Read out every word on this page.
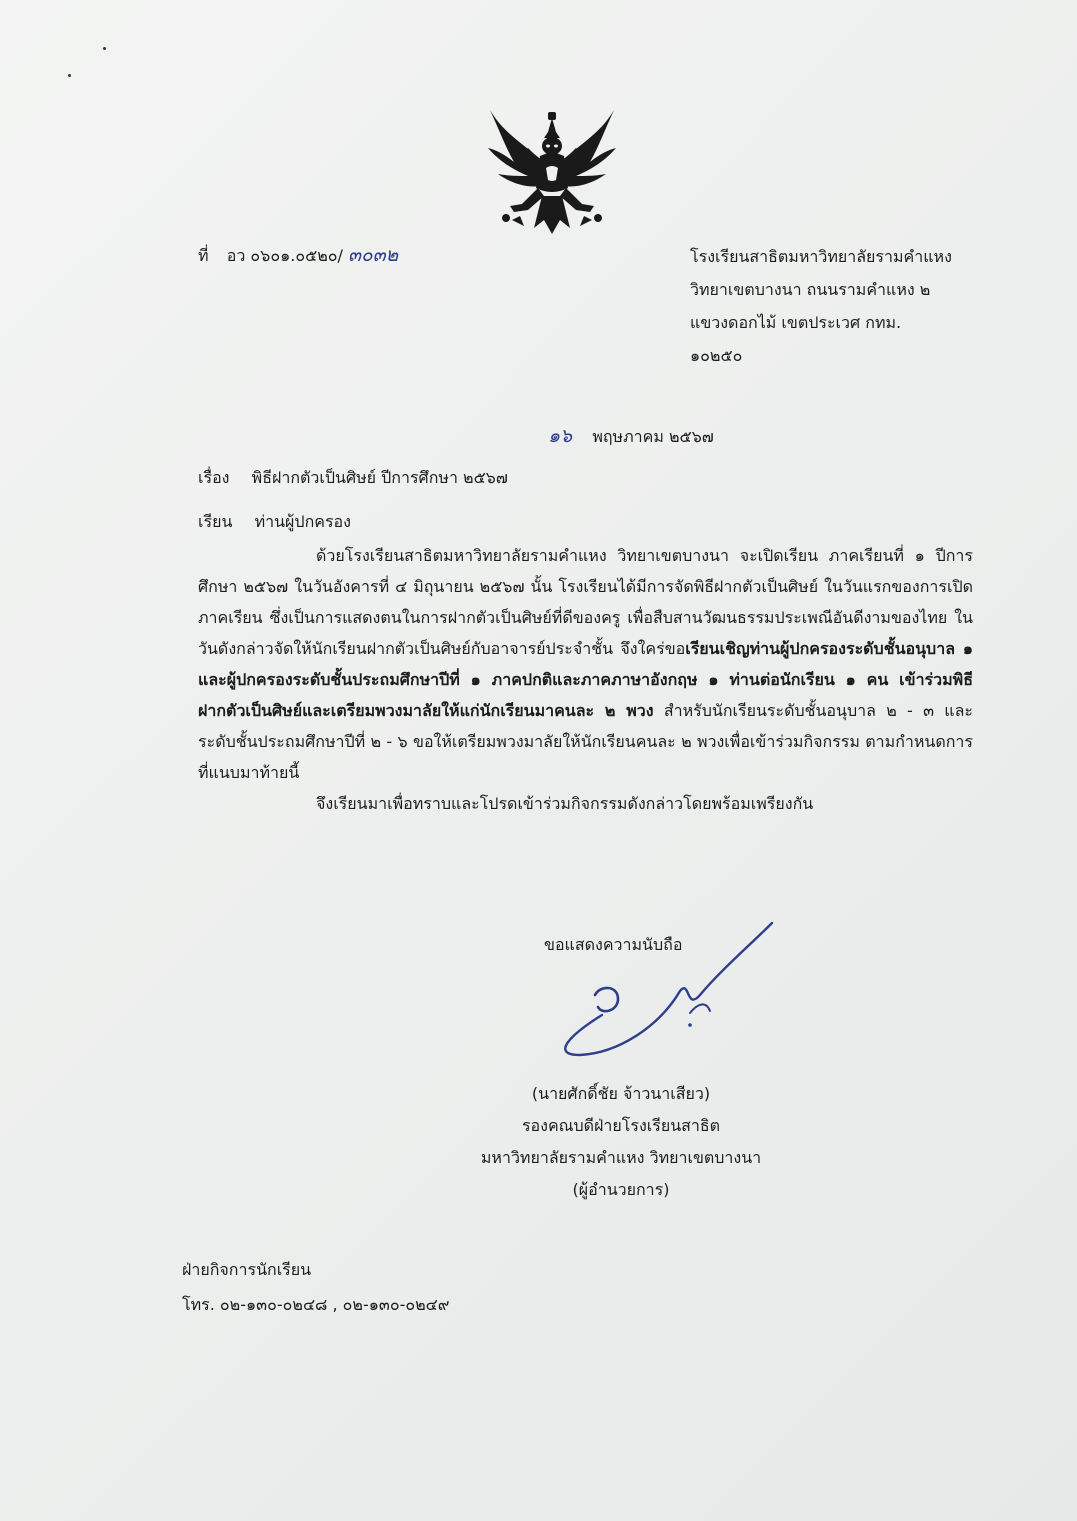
ที่ อว ๐๖๐๑.๐๕๒๐/ ๓๐๓๒	โรงเรียนสาธิตมหาวิทยาลัยรามคำแหง
วิทยาเขตบางนา ถนนรามคำแหง ๒
แขวงดอกไม้ เขตประเวศ กทม.
๑๐๒๕๐
๑๖ พฤษภาคม ๒๕๖๗
เรื่อง พิธีฝากตัวเป็นศิษย์ ปีการศึกษา ๒๕๖๗
เรียน ท่านผู้ปกครอง

ด้วยโรงเรียนสาธิตมหาวิทยาลัยรามคำแหง วิทยาเขตบางนา จะเปิดเรียน ภาคเรียนที่ ๑ ปีการศึกษา ๒๕๖๗ ในวันอังคารที่ ๔ มิถุนายน ๒๕๖๗ นั้น โรงเรียนได้มีการจัดพิธีฝากตัวเป็นศิษย์ ในวันแรกของการเปิดภาคเรียน ซึ่งเป็นการแสดงตนในการฝากตัวเป็นศิษย์ที่ดีของครู เพื่อสืบสานวัฒนธรรมประเพณีอันดีงามของไทย ในวันดังกล่าวจัดให้นักเรียนฝากตัวเป็นศิษย์กับอาจารย์ประจำชั้น จึงใคร่ขอเรียนเชิญท่านผู้ปกครองระดับชั้นอนุบาล ๑ และผู้ปกครองระดับชั้นประถมศึกษาปีที่ ๑ ภาคปกติและภาคภาษาอังกฤษ ๑ ท่านต่อนักเรียน ๑ คน เข้าร่วมพิธีฝากตัวเป็นศิษย์และเตรียมพวงมาลัยให้แก่นักเรียนมาคนละ ๒ พวง สำหรับนักเรียนระดับชั้นอนุบาล ๒ - ๓ และระดับชั้นประถมศึกษาปีที่ ๒ - ๖ ขอให้เตรียมพวงมาลัยให้นักเรียนคนละ ๒ พวงเพื่อเข้าร่วมกิจกรรม ตามกำหนดการที่แนบมาท้ายนี้

จึงเรียนมาเพื่อทราบและโปรดเข้าร่วมกิจกรรมดังกล่าวโดยพร้อมเพรียงกัน

ขอแสดงความนับถือ
(นายศักดิ์ชัย จ้าวนาเสียว)
รองคณบดีฝ่ายโรงเรียนสาธิต
มหาวิทยาลัยรามคำแหง วิทยาเขตบางนา
(ผู้อำนวยการ)
ฝ่ายกิจการนักเรียน
โทร. ๐๒-๑๓๐-๐๒๔๘ , ๐๒-๑๓๐-๐๒๔๙
